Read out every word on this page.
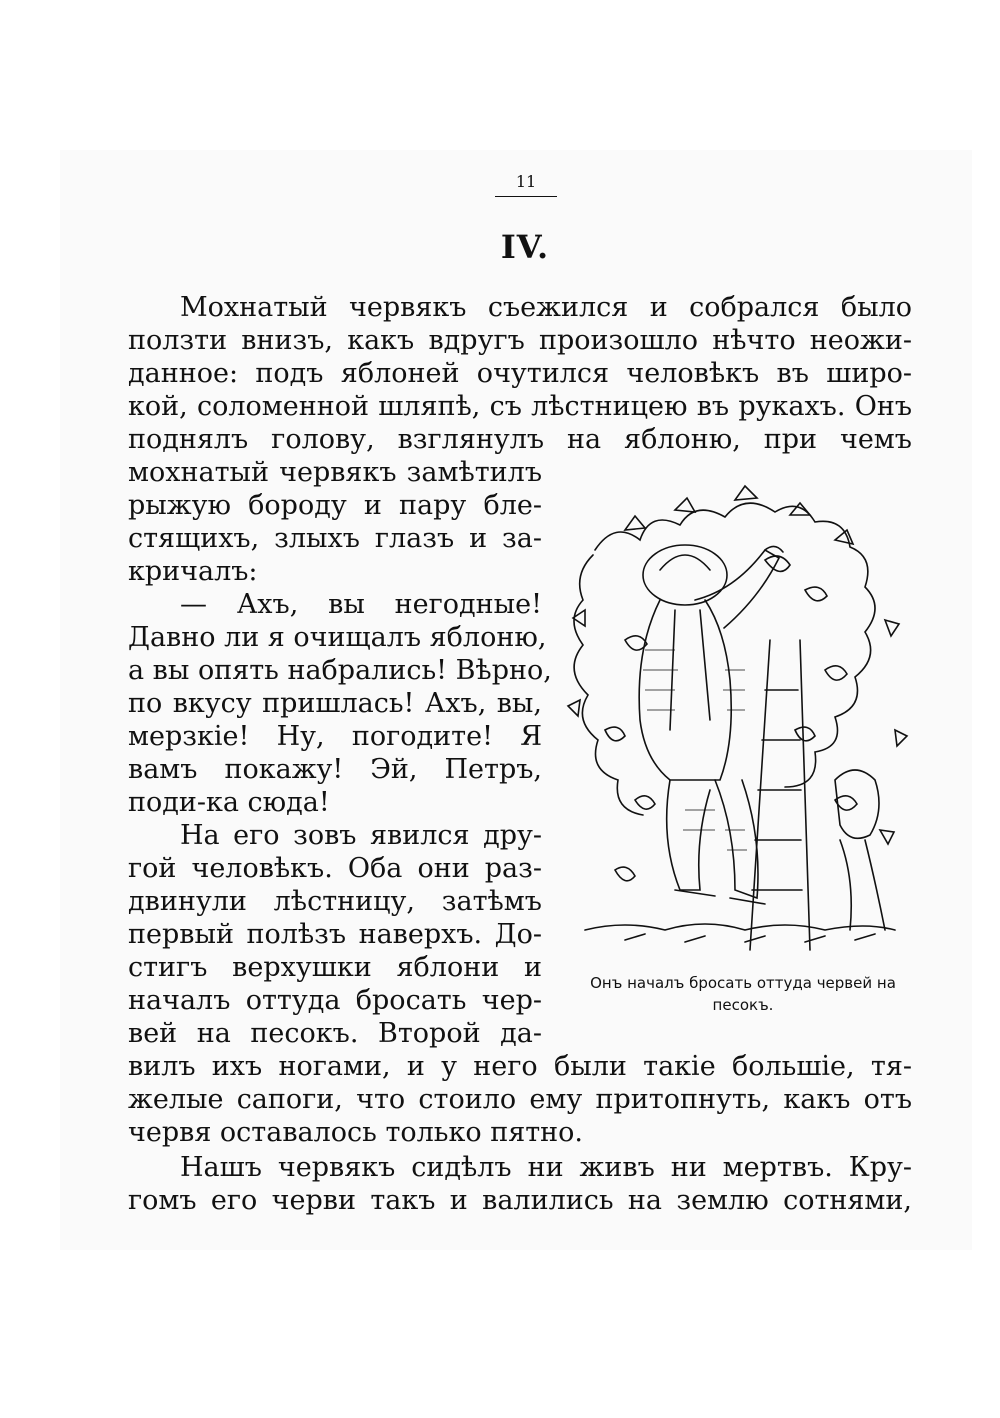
11
IV.
Мохнатый червякъ съежился и собрался было
ползти внизъ, какъ вдругъ произошло нѣчто неожи-
данное: подъ яблоней очутился человѣкъ въ широ-
кой, соломенной шляпѣ, съ лѣстницею въ рукахъ. Онъ
поднялъ голову, взглянулъ на яблоню, при чемъ
мохнатый червякъ замѣтилъ
рыжую бороду и пару бле-
стящихъ, злыхъ глазъ и за-
кричалъ:
— Ахъ, вы негодные!
Давно ли я очищалъ яблоню,
а вы опять набрались! Вѣрно,
по вкусу пришлась! Ахъ, вы,
мерзкіе! Ну, погодите! Я
вамъ покажу! Эй, Петръ,
поди-ка сюда!
На его зовъ явился дру-
гой человѣкъ. Оба они раз-
двинули лѣстницу, затѣмъ
первый полѣзъ наверхъ. До-
стигъ верхушки яблони и
началъ оттуда бросать чер-
вей на песокъ. Второй да-
вилъ ихъ ногами, и у него были такіе большіе, тя-
желые сапоги, что стоило ему притопнуть, какъ отъ
червя оставалось только пятно.
Нашъ червякъ сидѣлъ ни живъ ни мертвъ. Кру-
гомъ его черви такъ и валились на землю сотнями,
Онъ началъ бросать оттуда червей на песокъ.
